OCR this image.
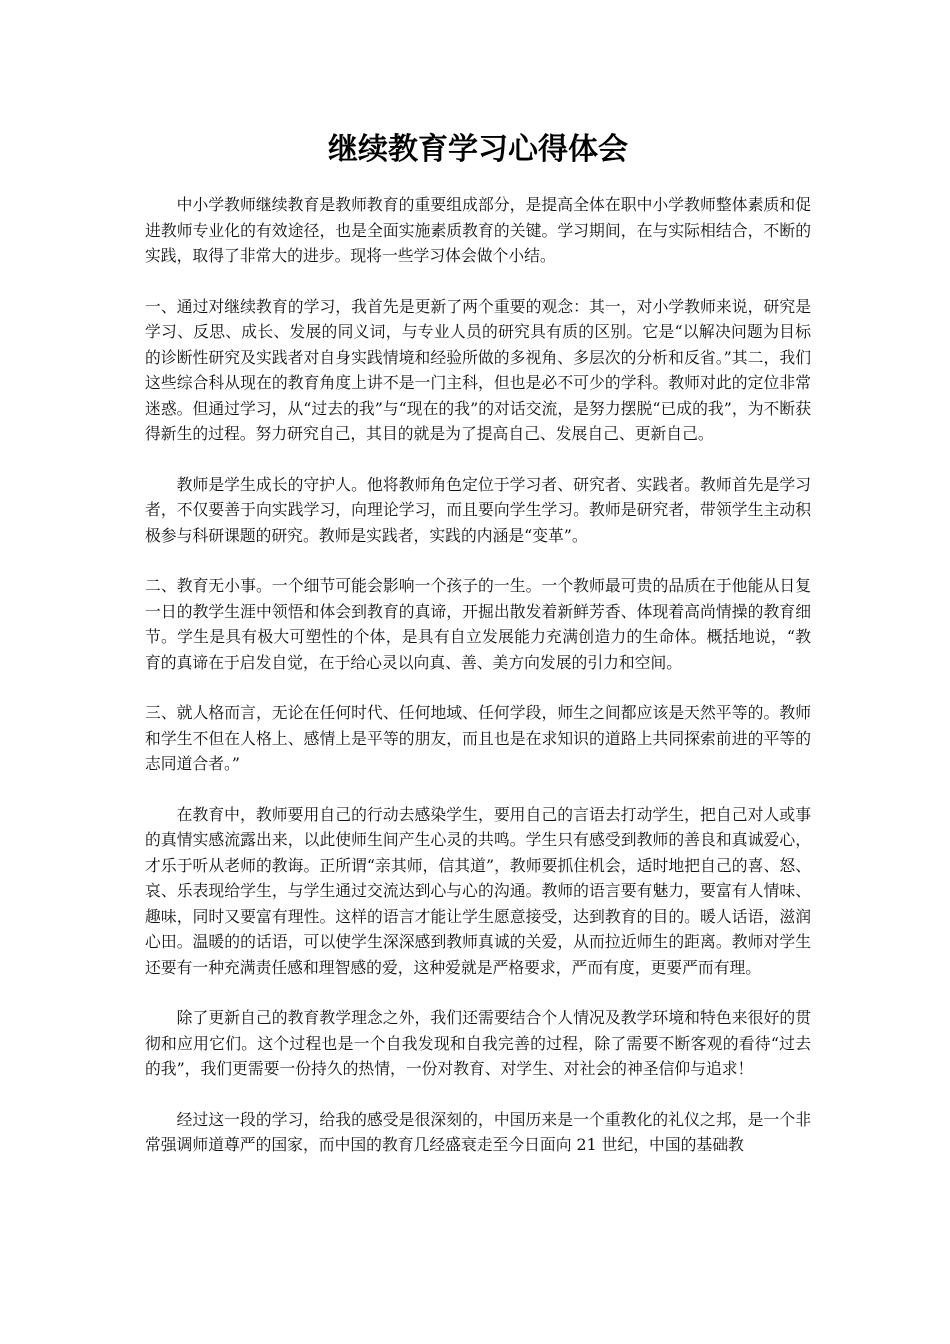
继续教育学习心得体会

中小学教师继续教育是教师教育的重要组成部分，是提高全体在职中小学教师整体素质和促进教师专业化的有效途径，也是全面实施素质教育的关键。学习期间，在与实际相结合，不断的实践，取得了非常大的进步。现将一些学习体会做个小结。

一、通过对继续教育的学习，我首先是更新了两个重要的观念：其一，对小学教师来说，研究是学习、反思、成长、发展的同义词，与专业人员的研究具有质的区别。它是“以解决问题为目标的诊断性研究及实践者对自身实践情境和经验所做的多视角、多层次的分析和反省。”其二，我们这些综合科从现在的教育角度上讲不是一门主科，但也是必不可少的学科。教师对此的定位非常迷惑。但通过学习，从“过去的我”与“现在的我”的对话交流，是努力摆脱“已成的我”，为不断获得新生的过程。努力研究自己，其目的就是为了提高自己、发展自己、更新自己。

教师是学生成长的守护人。他将教师角色定位于学习者、研究者、实践者。教师首先是学习者，不仅要善于向实践学习，向理论学习，而且要向学生学习。教师是研究者，带领学生主动积极参与科研课题的研究。教师是实践者，实践的内涵是“变革”。

二、教育无小事。一个细节可能会影响一个孩子的一生。一个教师最可贵的品质在于他能从日复一日的教学生涯中领悟和体会到教育的真谛，开掘出散发着新鲜芳香、体现着高尚情操的教育细节。学生是具有极大可塑性的个体，是具有自立发展能力充满创造力的生命体。概括地说，“教育的真谛在于启发自觉，在于给心灵以向真、善、美方向发展的引力和空间。

三、就人格而言，无论在任何时代、任何地域、任何学段，师生之间都应该是天然平等的。教师和学生不但在人格上、感情上是平等的朋友，而且也是在求知识的道路上共同探索前进的平等的志同道合者。”

在教育中，教师要用自己的行动去感染学生，要用自己的言语去打动学生，把自己对人或事的真情实感流露出来，以此使师生间产生心灵的共鸣。学生只有感受到教师的善良和真诚爱心，才乐于听从老师的教诲。正所谓“亲其师，信其道”，教师要抓住机会，适时地把自己的喜、怒、哀、乐表现给学生，与学生通过交流达到心与心的沟通。教师的语言要有魅力，要富有人情味、趣味，同时又要富有理性。这样的语言才能让学生愿意接受，达到教育的目的。暖人话语，滋润心田。温暖的的话语，可以使学生深深感到教师真诚的关爱，从而拉近师生的距离。教师对学生还要有一种充满责任感和理智感的爱，这种爱就是严格要求，严而有度，更要严而有理。

除了更新自己的教育教学理念之外，我们还需要结合个人情况及教学环境和特色来很好的贯彻和应用它们。这个过程也是一个自我发现和自我完善的过程，除了需要不断客观的看待“过去的我”，我们更需要一份持久的热情，一份对教育、对学生、对社会的神圣信仰与追求！

经过这一段的学习，给我的感受是很深刻的，中国历来是一个重教化的礼仪之邦，是一个非常强调师道尊严的国家，而中国的教育几经盛衰走至今日面向 21 世纪，中国的基础教
